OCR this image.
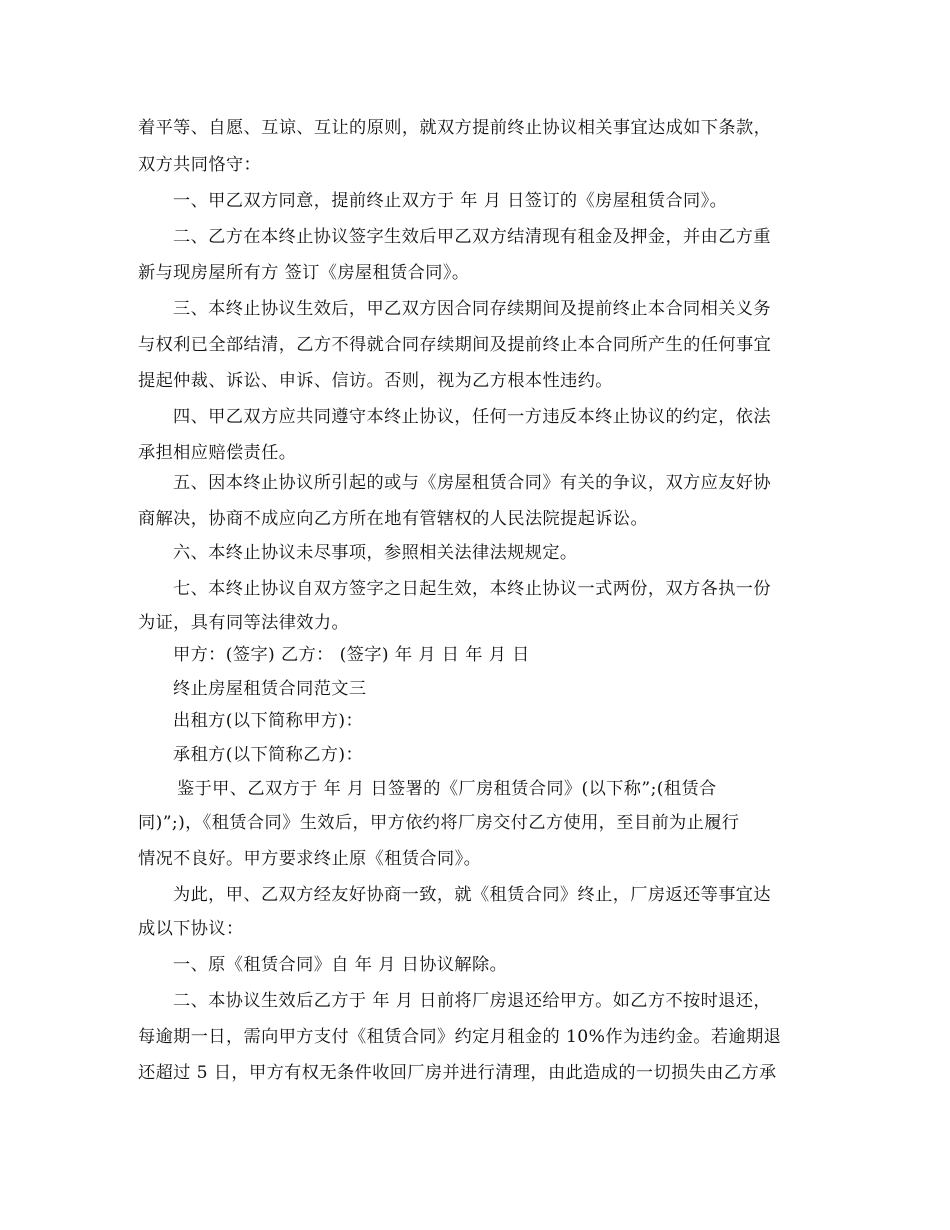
着平等、自愿、互谅、互让的原则，就双方提前终止协议相关事宜达成如下条款，
双方共同恪守：
一、甲乙双方同意，提前终止双方于 年 月 日签订的《房屋租赁合同》。
二、乙方在本终止协议签字生效后甲乙双方结清现有租金及押金，并由乙方重
新与现房屋所有方 签订《房屋租赁合同》。
三、本终止协议生效后，甲乙双方因合同存续期间及提前终止本合同相关义务
与权利已全部结清，乙方不得就合同存续期间及提前终止本合同所产生的任何事宜
提起仲裁、诉讼、申诉、信访。否则，视为乙方根本性违约。
四、甲乙双方应共同遵守本终止协议，任何一方违反本终止协议的约定，依法
承担相应赔偿责任。
五、因本终止协议所引起的或与《房屋租赁合同》有关的争议，双方应友好协
商解决，协商不成应向乙方所在地有管辖权的人民法院提起诉讼。
六、本终止协议未尽事项，参照相关法律法规规定。
七、本终止协议自双方签字之日起生效，本终止协议一式两份，双方各执一份
为证，具有同等法律效力。
甲方：(签字) 乙方： (签字) 年 月 日 年 月 日
终止房屋租赁合同范文三
出租方(以下简称甲方)：
承租方(以下简称乙方)：
鉴于甲、乙双方于 年 月 日签署的《厂房租赁合同》(以下称”;(租赁合
同)”;)，《租赁合同》生效后，甲方依约将厂房交付乙方使用，至目前为止履行
情况不良好。甲方要求终止原《租赁合同》。
为此，甲、乙双方经友好协商一致，就《租赁合同》终止，厂房返还等事宜达
成以下协议：
一、原《租赁合同》自 年 月 日协议解除。
二、本协议生效后乙方于 年 月 日前将厂房退还给甲方。如乙方不按时退还，
每逾期一日，需向甲方支付《租赁合同》约定月租金的 10%作为违约金。若逾期退
还超过 5 日，甲方有权无条件收回厂房并进行清理，由此造成的一切损失由乙方承
